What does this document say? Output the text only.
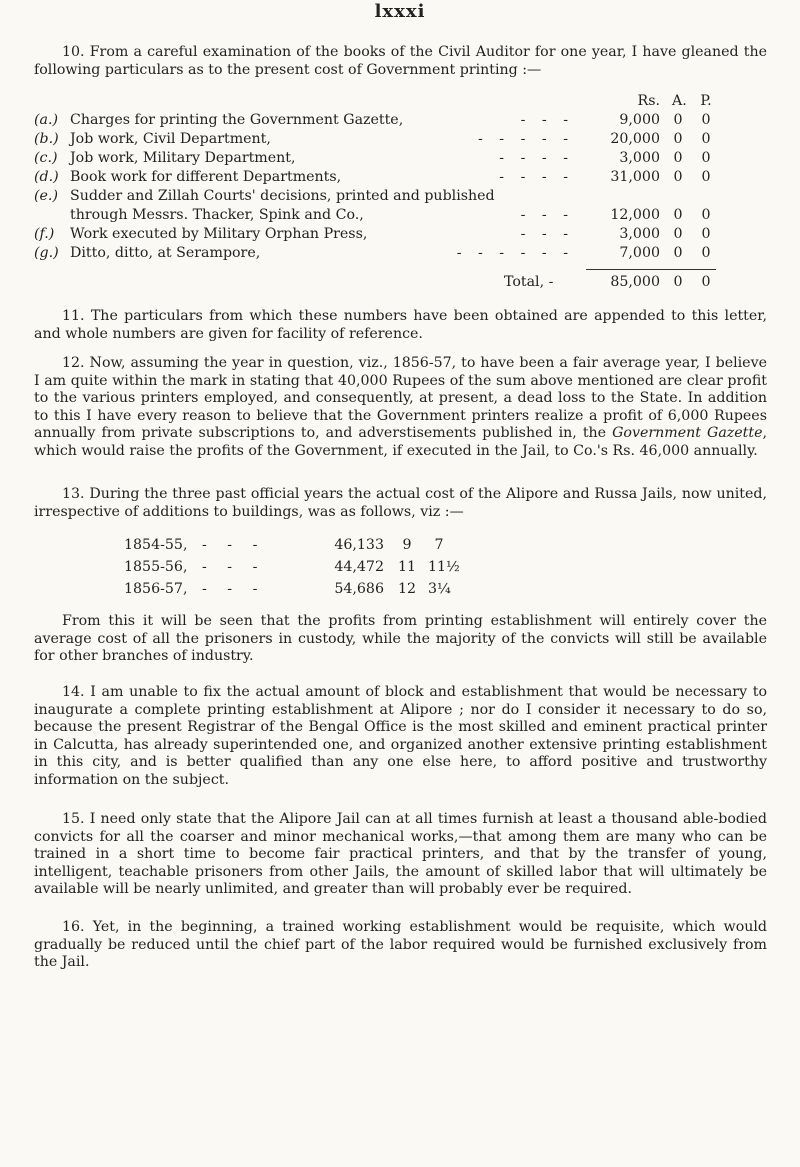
lxxxi
10. From a careful examination of the books of the Civil Auditor for one year, I have gleaned the following particulars as to the present cost of Government printing :—
Rs. A. P.
(a.) Charges for printing the Government Gazette,	- - -	9,000 0 0
(b.) Job work, Civil Department,	- - - - -	20,000 0 0
(c.) Job work, Military Department,	- - - -	3,000 0 0
(d.) Book work for different Departments,	- - - -	31,000 0 0
(e.) Sudder and Zillah Courts' decisions, printed and published
through Messrs. Thacker, Spink and Co.,	- - -	12,000 0 0
(f.)	Work executed by Military Orphan Press,	- - -	3,000 0 0
(g.) Ditto, ditto, at Serampore,	- - - - - -	7,000 0 0
Total, -	85,000 0 0
11. The particulars from which these numbers have been obtained are appended to this letter, and whole numbers are given for facility of reference.
12. Now, assuming the year in question, viz., 1856-57, to have been a fair average year, I believe I am quite within the mark in stating that 40,000 Rupees of the sum above mentioned are clear profit to the various printers employed, and consequently, at present, a dead loss to the State. In addition to this I have every reason to believe that the Government printers realize a profit of 6,000 Rupees annually from private subscriptions to, and adverstisements published in, the Government Gazette, which would raise the profits of the Government, if executed in the Jail, to Co.'s Rs. 46,000 annually.
13. During the three past official years the actual cost of the Alipore and Russa Jails, now united, irrespective of additions to buildings, was as follows, viz :—
1854-55, - - -	46,133	9	7
1855-56, - - -	44,472 11 11½
1856-57, - - -	54,686 12 3¼
From this it will be seen that the profits from printing establishment will entirely cover the average cost of all the prisoners in custody, while the majority of the convicts will still be available for other branches of industry.
14. I am unable to fix the actual amount of block and establishment that would be necessary to inaugurate a complete printing establishment at Alipore ; nor do I consider it necessary to do so, because the present Registrar of the Bengal Office is the most skilled and eminent practical printer in Calcutta, has already superintended one, and organized another extensive printing establishment in this city, and is better qualified than any one else here, to afford positive and trustworthy information on the subject.
15. I need only state that the Alipore Jail can at all times furnish at least a thousand able-bodied convicts for all the coarser and minor mechanical works,—that among them are many who can be trained in a short time to become fair practical printers, and that by the transfer of young, intelligent, teachable prisoners from other Jails, the amount of skilled labor that will ultimately be available will be nearly unlimited, and greater than will probably ever be required.
16. Yet, in the beginning, a trained working establishment would be requisite, which would gradually be reduced until the chief part of the labor required would be furnished exclusively from the Jail.
